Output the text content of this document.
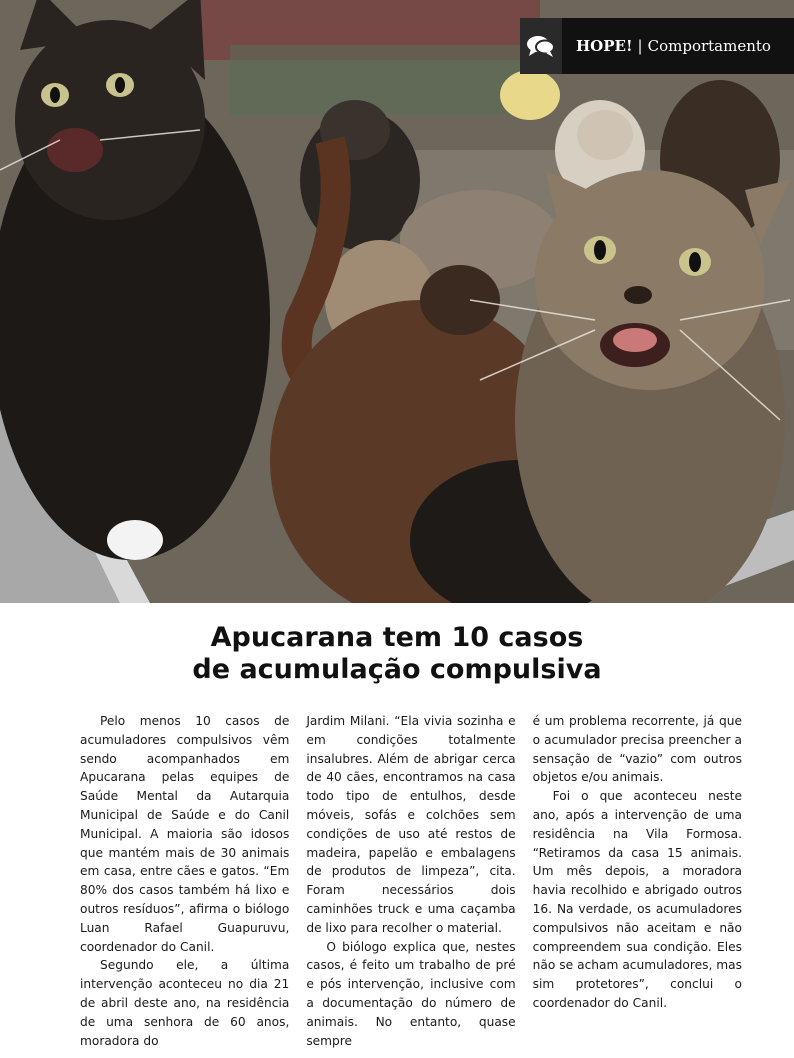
HOPE! | Comportamento
Apucarana tem 10 casos
de acumulação compulsiva

Pelo menos 10 casos de acumuladores compulsivos vêm sendo acompanhados em Apucarana pelas equipes de Saúde Mental da Autarquia Municipal de Saúde e do Canil Municipal. A maioria são idosos que mantém mais de 30 animais em casa, entre cães e gatos. “Em 80% dos casos também há lixo e outros resíduos”, afirma o biólogo Luan Rafael Guapuruvu, coordenador do Canil.

Segundo ele, a última intervenção aconteceu no dia 21 de abril deste ano, na residência de uma senhora de 60 anos, moradora do

Jardim Milani. “Ela vivia sozinha e em condições totalmente insalubres. Além de abrigar cerca de 40 cães, encontramos na casa todo tipo de entulhos, desde móveis, sofás e colchões sem condições de uso até restos de madeira, papelão e embalagens de produtos de limpeza”, cita. Foram necessários dois caminhões truck e uma caçamba de lixo para recolher o material.

O biólogo explica que, nestes casos, é feito um trabalho de pré e pós intervenção, inclusive com a documentação do número de animais. No entanto, quase sempre

é um problema recorrente, já que o acumulador precisa preencher a sensação de “vazio” com outros objetos e/ou animais.

Foi o que aconteceu neste ano, após a intervenção de uma residência na Vila Formosa. “Retiramos da casa 15 animais. Um mês depois, a moradora havia recolhido e abrigado outros 16. Na verdade, os acumuladores compulsivos não aceitam e não compreendem sua condição. Eles não se acham acumuladores, mas sim protetores”, conclui o coordenador do Canil.
